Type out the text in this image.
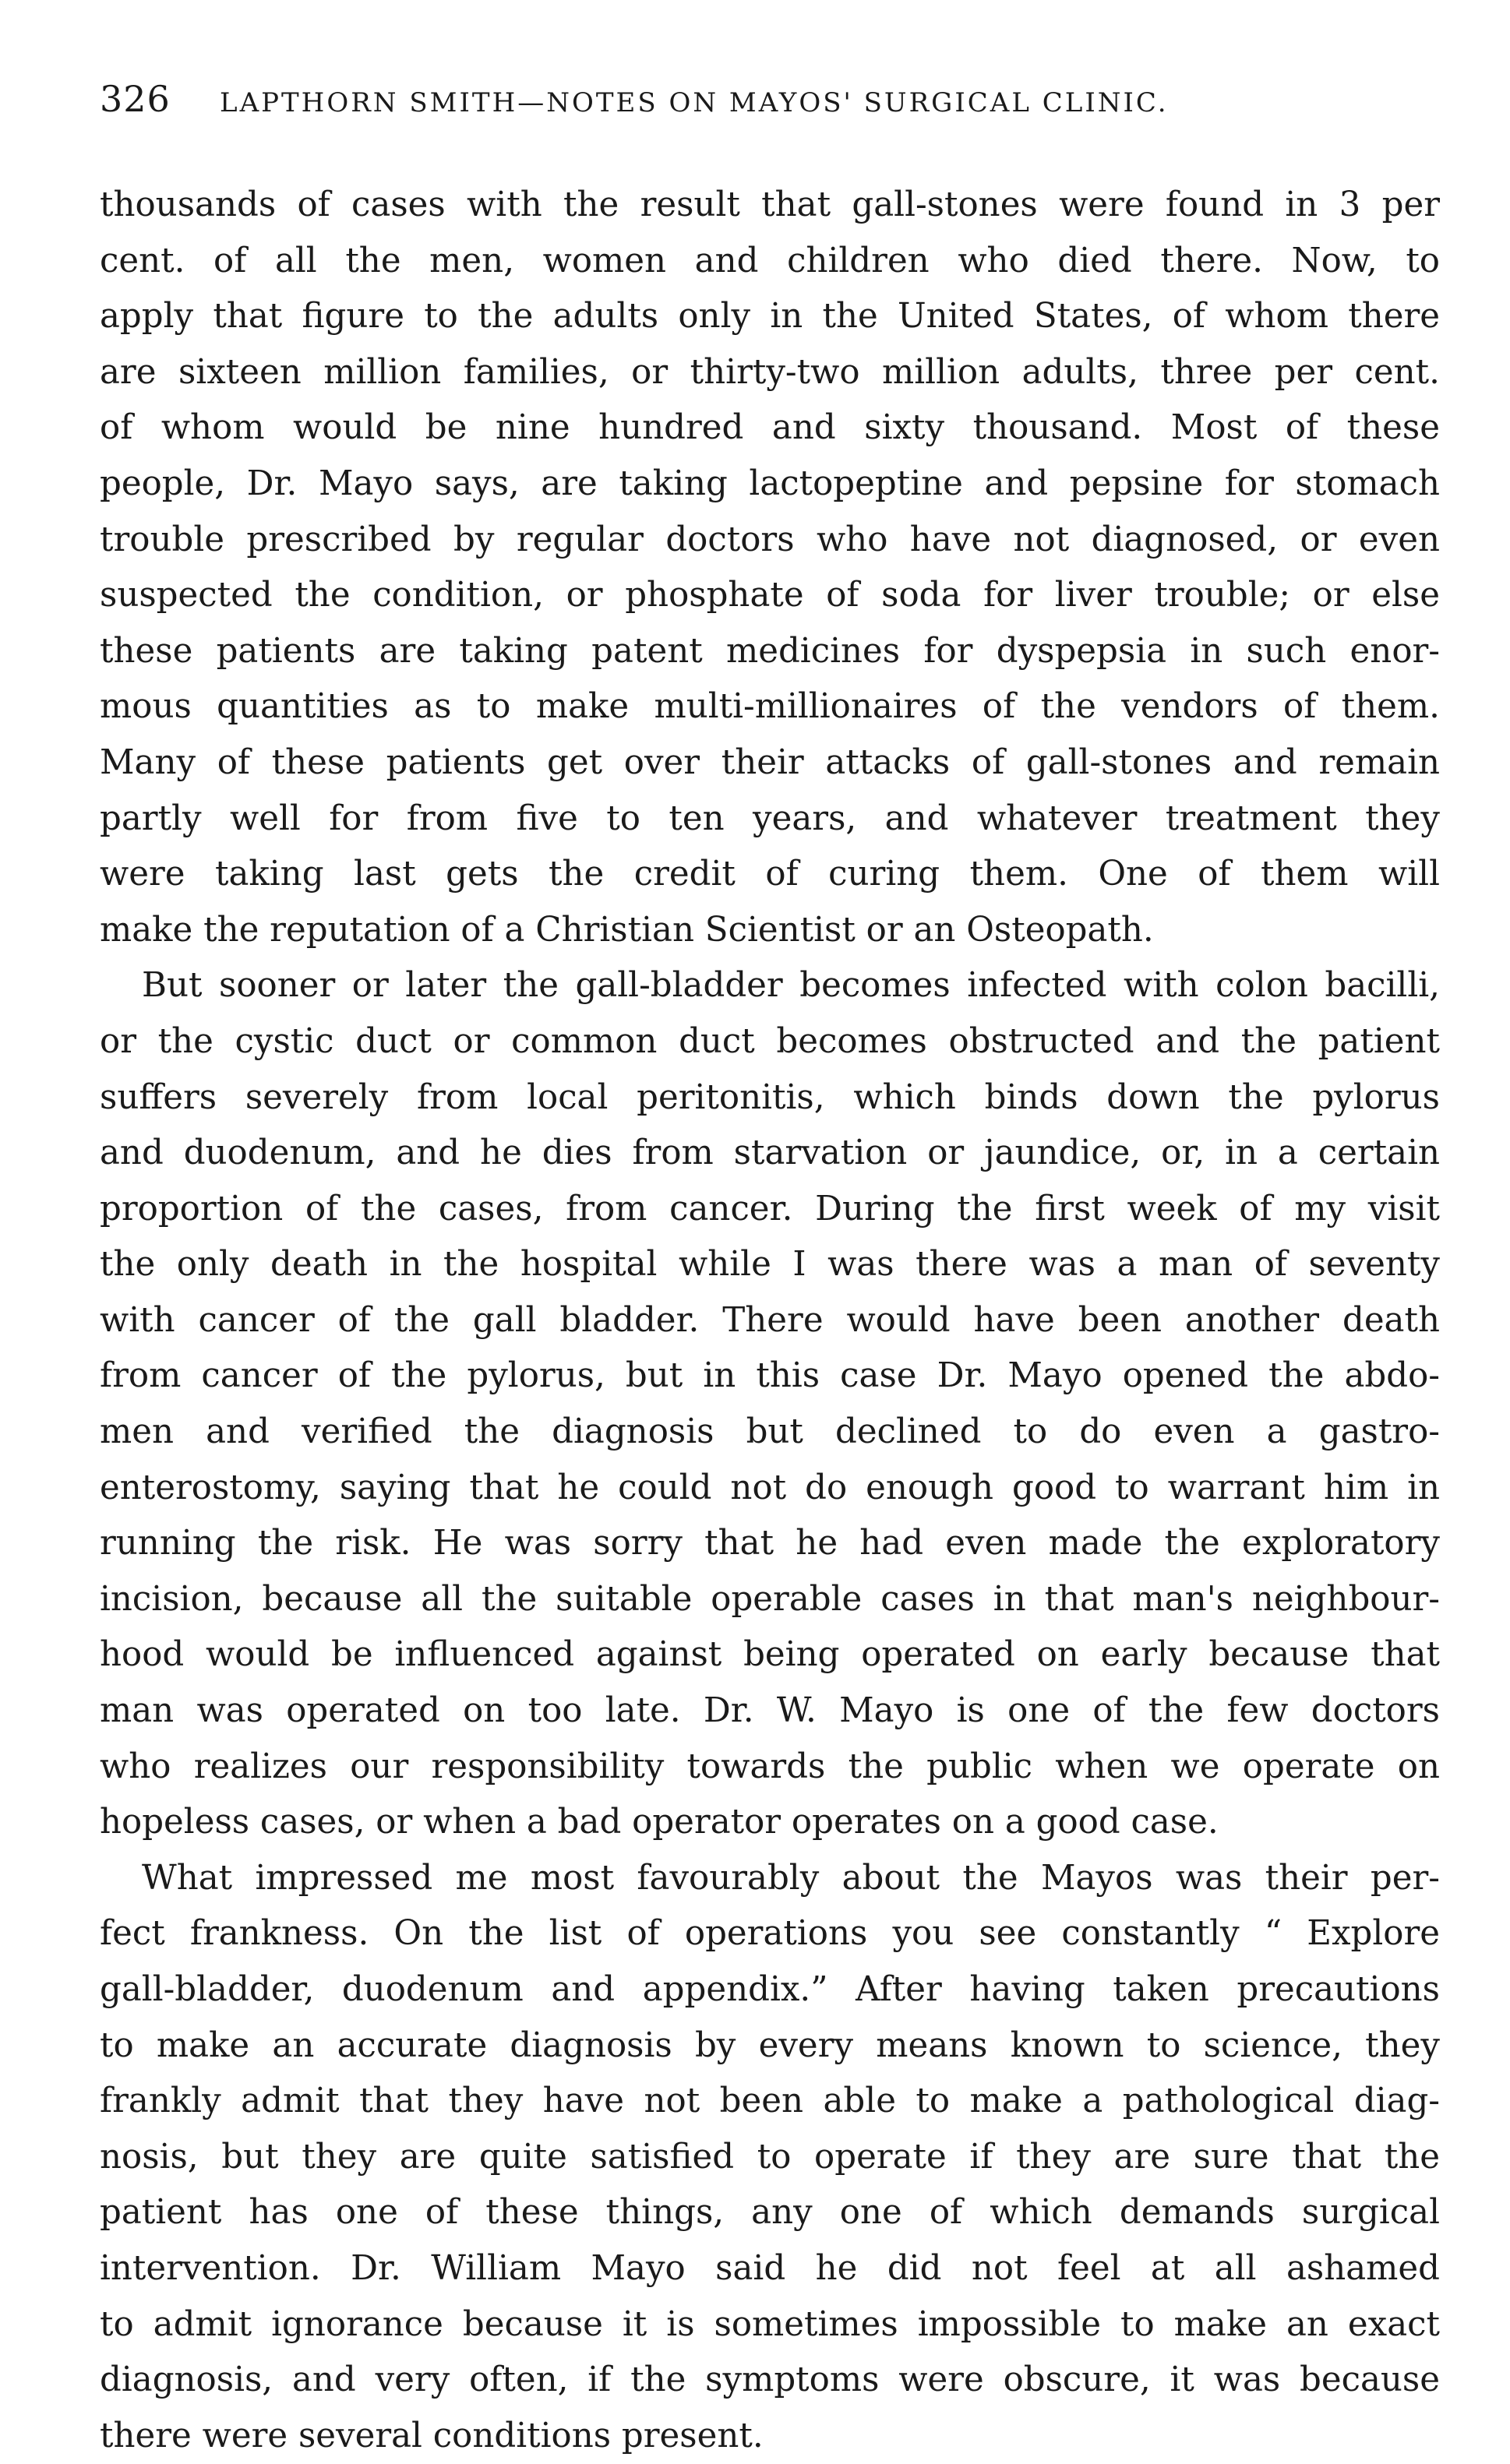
326	LAPTHORN SMITH—NOTES ON MAYOS' SURGICAL CLINIC.

thousands of cases with the result that gall-stones were found in 3 per
cent. of all the men, women and children who died there. Now, to
apply that figure to the adults only in the United States, of whom there
are sixteen million families, or thirty-two million adults, three per cent.
of whom would be nine hundred and sixty thousand. Most of these
people, Dr. Mayo says, are taking lactopeptine and pepsine for stomach
trouble prescribed by regular doctors who have not diagnosed, or even
suspected the condition, or phosphate of soda for liver trouble; or else
these patients are taking patent medicines for dyspepsia in such enor-
mous quantities as to make multi-millionaires of the vendors of them.
Many of these patients get over their attacks of gall-stones and remain
partly well for from five to ten years, and whatever treatment they
were taking last gets the credit of curing them. One of them will
make the reputation of a Christian Scientist or an Osteopath.

But sooner or later the gall-bladder becomes infected with colon bacilli,
or the cystic duct or common duct becomes obstructed and the patient
suffers severely from local peritonitis, which binds down the pylorus
and duodenum, and he dies from starvation or jaundice, or, in a certain
proportion of the cases, from cancer. During the first week of my visit
the only death in the hospital while I was there was a man of seventy
with cancer of the gall bladder. There would have been another death
from cancer of the pylorus, but in this case Dr. Mayo opened the abdo-
men and verified the diagnosis but declined to do even a gastro-
enterostomy, saying that he could not do enough good to warrant him in
running the risk. He was sorry that he had even made the exploratory
incision, because all the suitable operable cases in that man's neighbour-
hood would be influenced against being operated on early because that
man was operated on too late. Dr. W. Mayo is one of the few doctors
who realizes our responsibility towards the public when we operate on
hopeless cases, or when a bad operator operates on a good case.

What impressed me most favourably about the Mayos was their per-
fect frankness. On the list of operations you see constantly “ Explore
gall-bladder, duodenum and appendix.” After having taken precautions
to make an accurate diagnosis by every means known to science, they
frankly admit that they have not been able to make a pathological diag-
nosis, but they are quite satisfied to operate if they are sure that the
patient has one of these things, any one of which demands surgical
intervention. Dr. William Mayo said he did not feel at all ashamed
to admit ignorance because it is sometimes impossible to make an exact
diagnosis, and very often, if the symptoms were obscure, it was because
there were several conditions present.
